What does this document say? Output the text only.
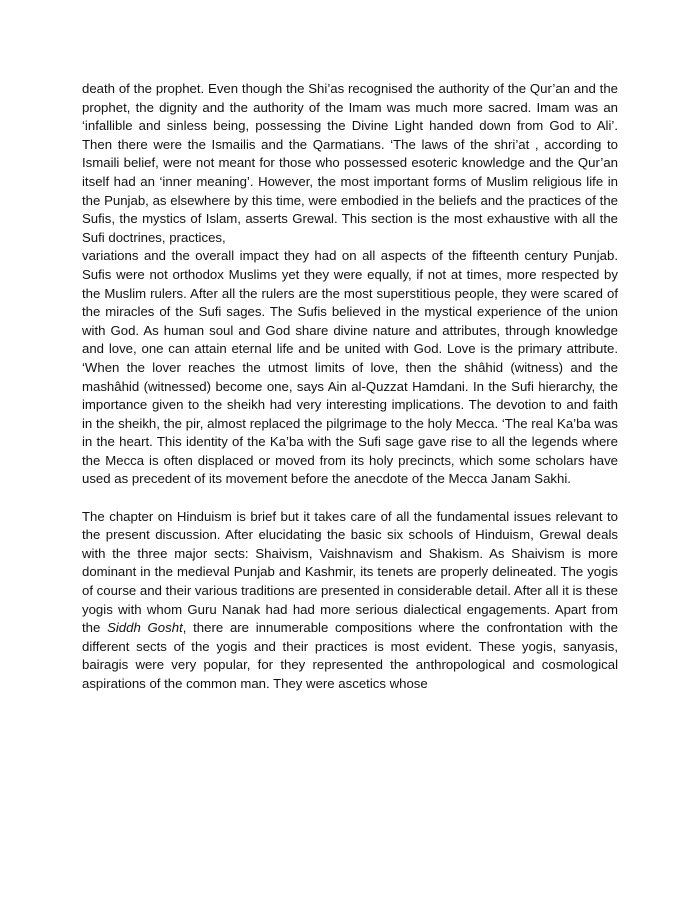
death of the prophet. Even though the Shi’as recognised the authority of the Qur’an and the prophet, the dignity and the authority of the Imam was much more sacred. Imam was an ‘infallible and sinless being, possessing the Divine Light handed down from God to Ali’. Then there were the Ismailis and the Qarmatians. ‘The laws of the shri’at , according to Ismaili belief, were not meant for those who possessed esoteric knowledge and the Qur’an itself had an ‘inner meaning’. However, the most important forms of Muslim religious life in the Punjab, as elsewhere by this time, were embodied in the beliefs and the practices of the Sufis, the mystics of Islam, asserts Grewal. This section is the most exhaustive with all the Sufi doctrines, practices,

variations and the overall impact they had on all aspects of the fifteenth century Punjab. Sufis were not orthodox Muslims yet they were equally, if not at times, more respected by the Muslim rulers. After all the rulers are the most superstitious people, they were scared of the miracles of the Sufi sages. The Sufis believed in the mystical experience of the union with God. As human soul and God share divine nature and attributes, through knowledge and love, one can attain eternal life and be united with God. Love is the primary attribute. ‘When the lover reaches the utmost limits of love, then the shâhid (witness) and the mashâhid (witnessed) become one, says Ain al-Quzzat Hamdani. In the Sufi hierarchy, the importance given to the sheikh had very interesting implications. The devotion to and faith in the sheikh, the pir, almost replaced the pilgrimage to the holy Mecca. ‘The real Ka’ba was in the heart. This identity of the Ka’ba with the Sufi sage gave rise to all the legends where the Mecca is often displaced or moved from its holy precincts, which some scholars have used as precedent of its movement before the anecdote of the Mecca Janam Sakhi.

The chapter on Hinduism is brief but it takes care of all the fundamental issues relevant to the present discussion. After elucidating the basic six schools of Hinduism, Grewal deals with the three major sects: Shaivism, Vaishnavism and Shakism. As Shaivism is more dominant in the medieval Punjab and Kashmir, its tenets are properly delineated. The yogis of course and their various traditions are presented in considerable detail. After all it is these yogis with whom Guru Nanak had had more serious dialectical engagements. Apart from the Siddh Gosht, there are innumerable compositions where the confrontation with the different sects of the yogis and their practices is most evident. These yogis, sanyasis, bairagis were very popular, for they represented the anthropological and cosmological aspirations of the common man. They were ascetics whose
